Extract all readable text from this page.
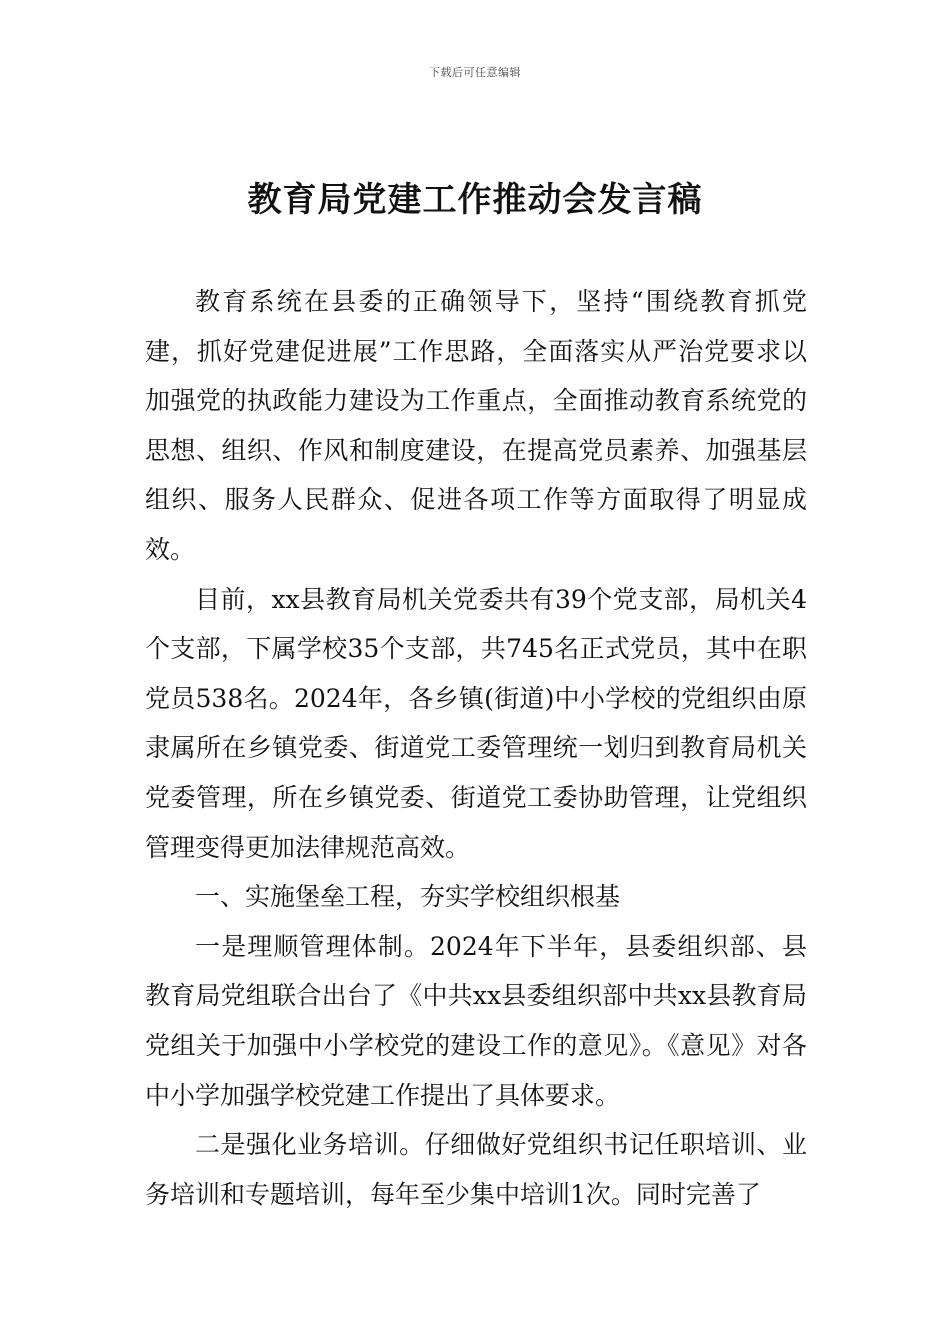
下载后可任意编辑
教育局党建工作推动会发言稿

教育系统在县委的正确领导下，坚持“围绕教育抓党建，抓好党建促进展”工作思路，全面落实从严治党要求以加强党的执政能力建设为工作重点，全面推动教育系统党的思想、组织、作风和制度建设，在提高党员素养、加强基层组织、服务人民群众、促进各项工作等方面取得了明显成效。

目前，xx县教育局机关党委共有39个党支部，局机关4个支部，下属学校35个支部，共745名正式党员，其中在职党员538名。2024年，各乡镇(街道)中小学校的党组织由原隶属所在乡镇党委、街道党工委管理统一划归到教育局机关党委管理，所在乡镇党委、街道党工委协助管理，让党组织管理变得更加法律规范高效。

一、实施堡垒工程，夯实学校组织根基

一是理顺管理体制。2024年下半年，县委组织部、县教育局党组联合出台了《中共xx县委组织部中共xx县教育局党组关于加强中小学校党的建设工作的意见》。《意见》对各中小学加强学校党建工作提出了具体要求。

二是强化业务培训。仔细做好党组织书记任职培训、业务培训和专题培训，每年至少集中培训1次。同时完善了
